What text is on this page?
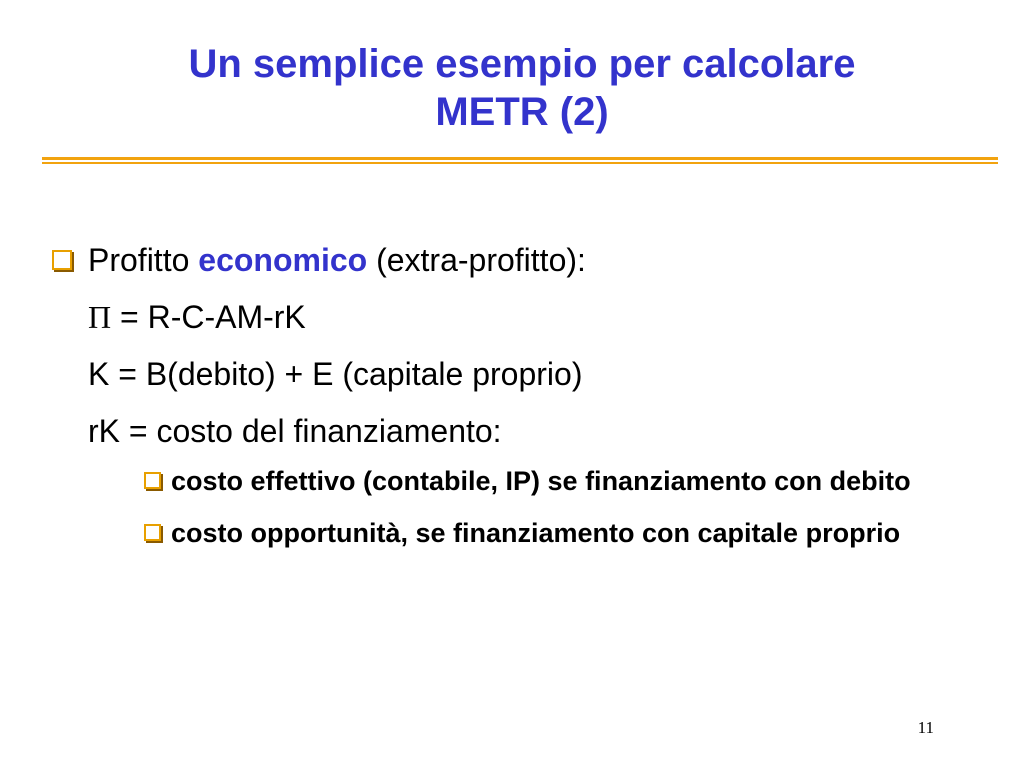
Un semplice esempio per calcolare
METR (2)
Profitto economico (extra-profitto):
Π = R-C-AM-rK
K = B(debito) + E (capitale proprio)
rK = costo del finanziamento:
costo effettivo (contabile, IP) se finanziamento con debito
costo opportunità, se finanziamento con capitale proprio
11
